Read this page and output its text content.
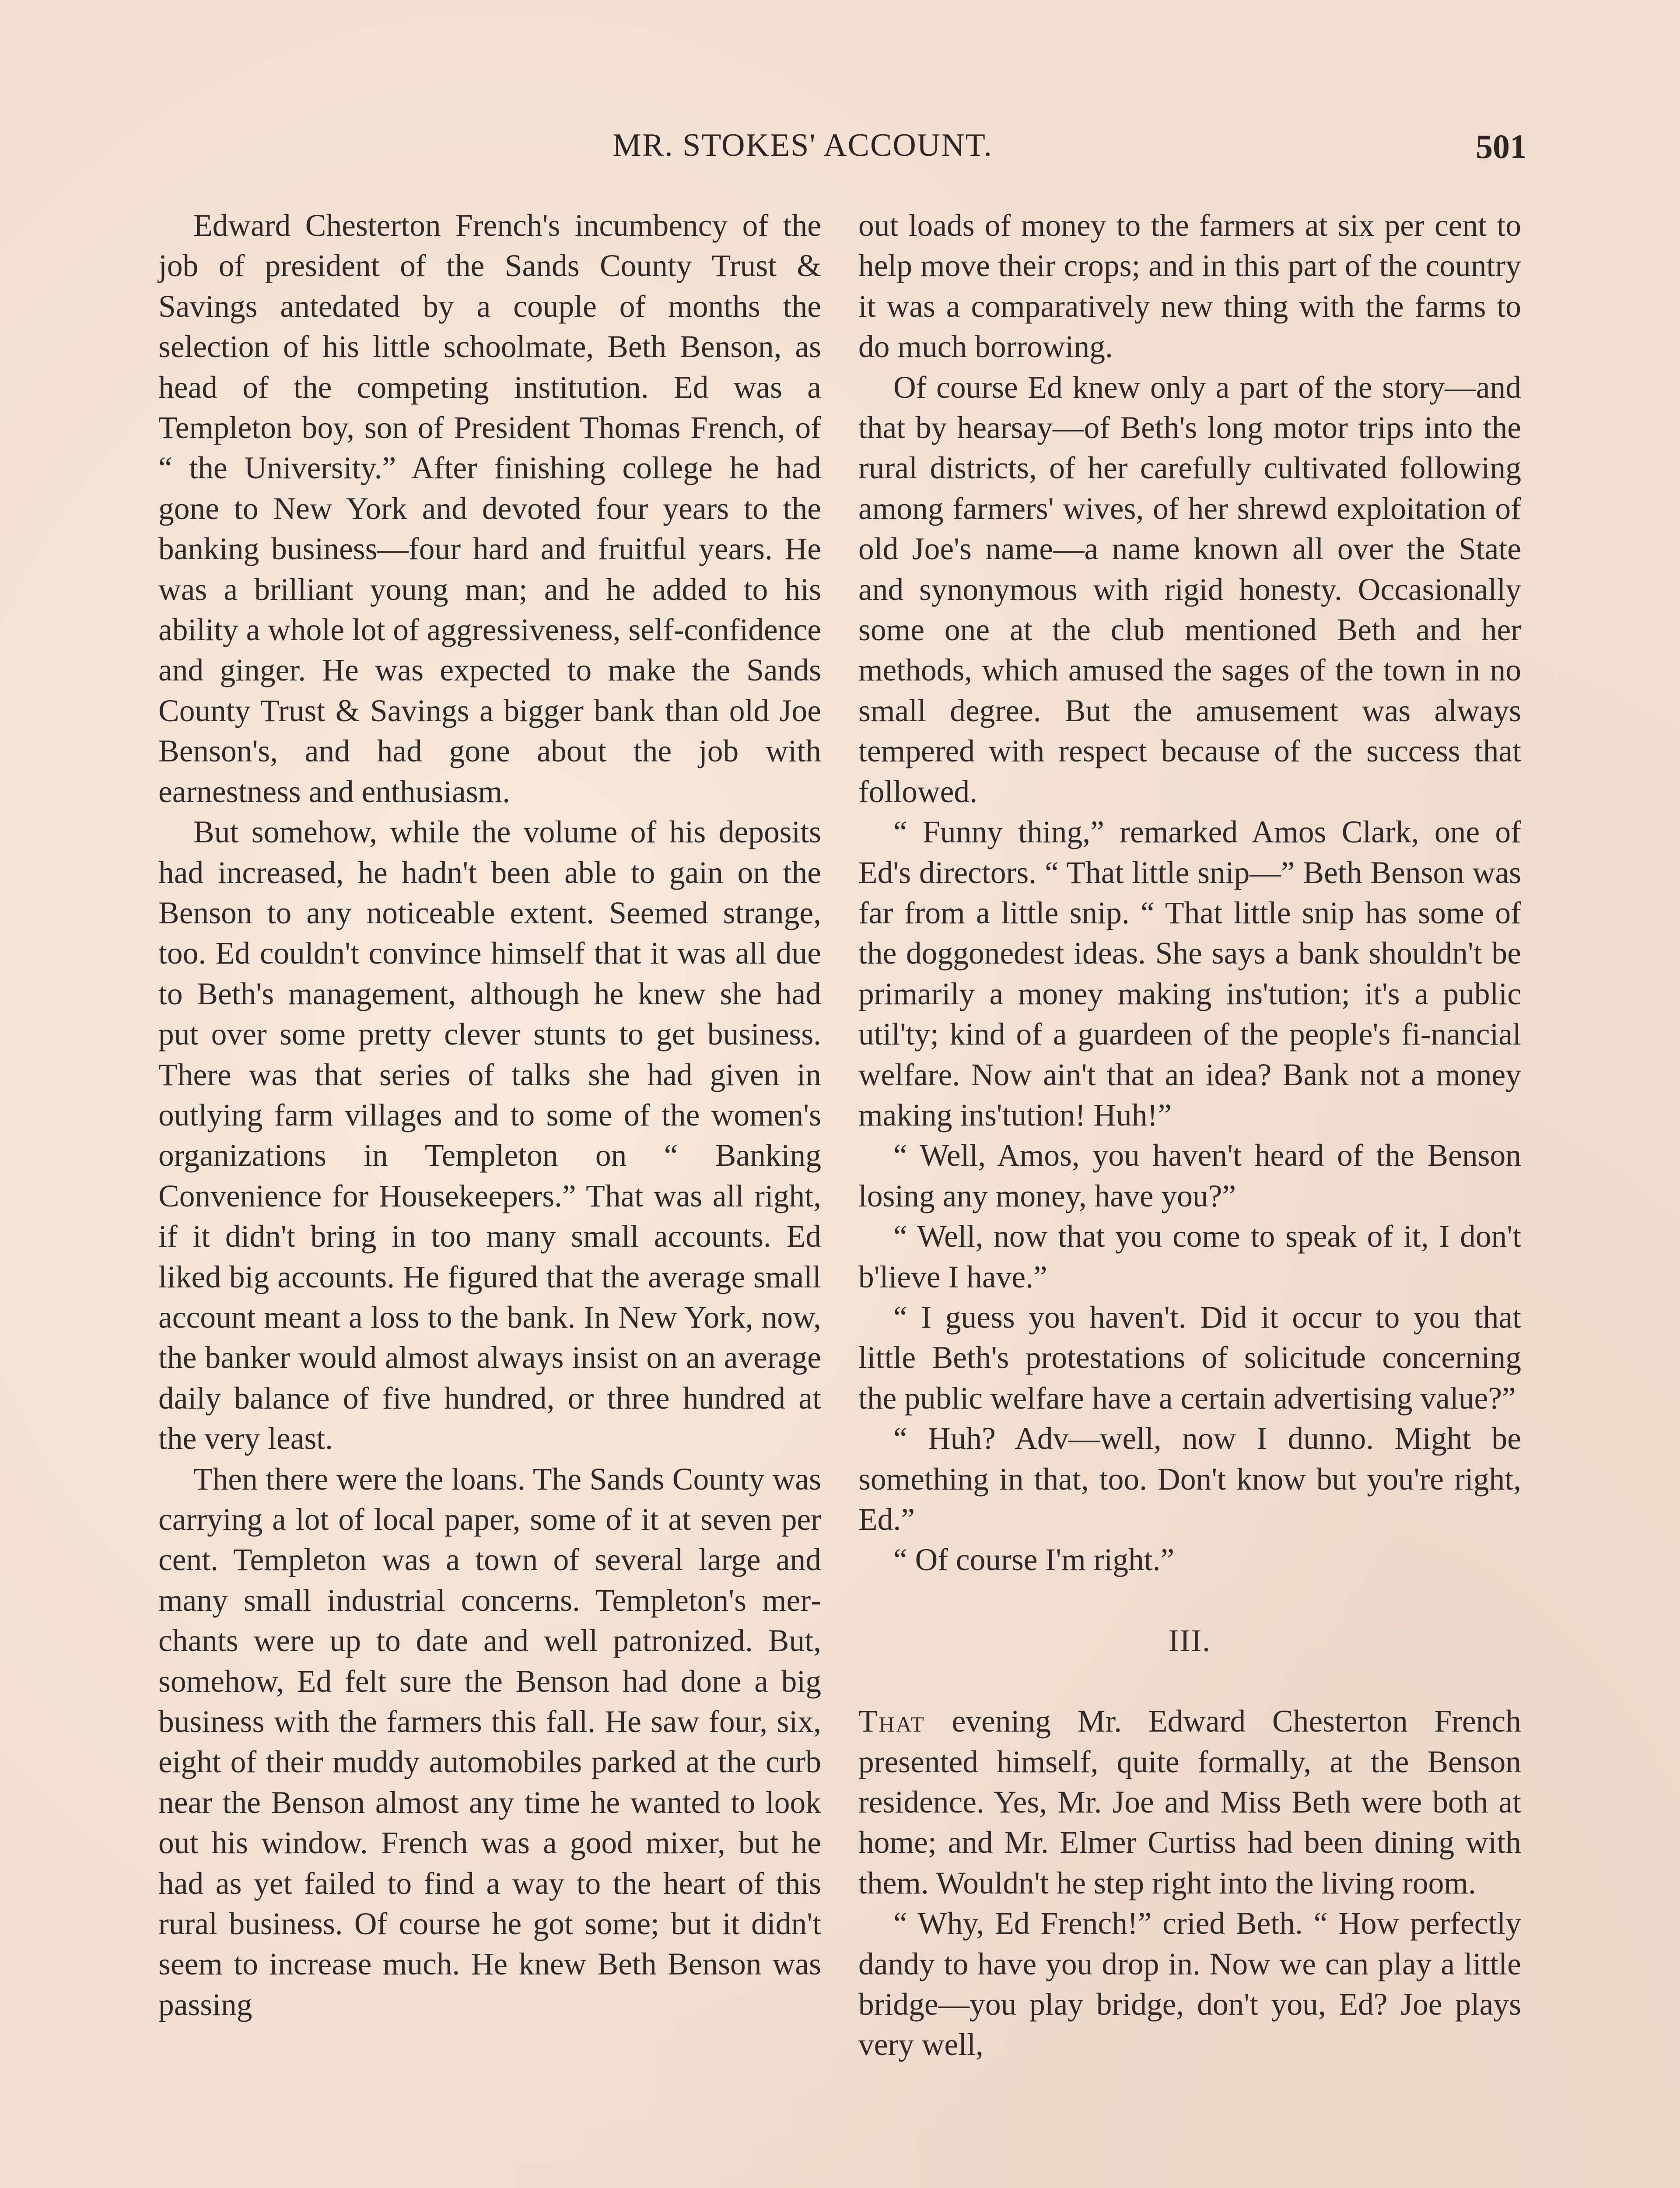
MR. STOKES' ACCOUNT.	501

Edward Chesterton French's incumbency of the job of president of the Sands County Trust & Savings antedated by a couple of months the selection of his little schoolmate, Beth Benson, as head of the competing institution. Ed was a Templeton boy, son of President Thomas French, of “ the University.” After finishing college he had gone to New York and devoted four years to the banking business—four hard and fruitful years. He was a brilliant young man; and he added to his ability a whole lot of aggressiveness, self-confidence and ginger. He was expected to make the Sands County Trust & Savings a bigger bank than old Joe Benson's, and had gone about the job with earnestness and enthusiasm.

But somehow, while the volume of his deposits had increased, he hadn't been able to gain on the Benson to any noticeable extent. Seemed strange, too. Ed couldn't convince himself that it was all due to Beth's management, although he knew she had put over some pretty clever stunts to get business. There was that series of talks she had given in outlying farm villages and to some of the women's organizations in Templeton on “ Banking Convenience for Housekeepers.” That was all right, if it didn't bring in too many small accounts. Ed liked big accounts. He figured that the average small account meant a loss to the bank. In New York, now, the banker would almost always insist on an average daily balance of five hundred, or three hundred at the very least.

Then there were the loans. The Sands County was carrying a lot of local paper, some of it at seven per cent. Templeton was a town of several large and many small industrial concerns. Templeton's merchants were up to date and well patronized. But, somehow, Ed felt sure the Benson had done a big business with the farmers this fall. He saw four, six, eight of their muddy automobiles parked at the curb near the Benson almost any time he wanted to look out his window. French was a good mixer, but he had as yet failed to find a way to the heart of this rural business. Of course he got some; but it didn't seem to increase much. He knew Beth Benson was passing

out loads of money to the farmers at six per cent to help move their crops; and in this part of the country it was a comparatively new thing with the farms to do much borrowing.

Of course Ed knew only a part of the story—and that by hearsay—of Beth's long motor trips into the rural districts, of her carefully cultivated following among farmers' wives, of her shrewd exploitation of old Joe's name—a name known all over the State and synonymous with rigid honesty. Occasionally some one at the club mentioned Beth and her methods, which amused the sages of the town in no small degree. But the amusement was always tempered with respect because of the success that followed.

“ Funny thing,” remarked Amos Clark, one of Ed's directors. “ That little snip—” Beth Benson was far from a little snip. “ That little snip has some of the doggonedest ideas. She says a bank shouldn't be primarily a money making ins'tution; it's a public util'ty; kind of a guardeen of the people's fi-nancial welfare. Now ain't that an idea? Bank not a money making ins'tution! Huh!”

“ Well, Amos, you haven't heard of the Benson losing any money, have you?”

“ Well, now that you come to speak of it, I don't b'lieve I have.”

“ I guess you haven't. Did it occur to you that little Beth's protestations of solicitude concerning the public welfare have a certain advertising value?”

“ Huh? Adv—well, now I dunno. Might be something in that, too. Don't know but you're right, Ed.”

“ Of course I'm right.”

III.

That evening Mr. Edward Chesterton French presented himself, quite formally, at the Benson residence. Yes, Mr. Joe and Miss Beth were both at home; and Mr. Elmer Curtiss had been dining with them. Wouldn't he step right into the living room.

“ Why, Ed French!” cried Beth. “ How perfectly dandy to have you drop in. Now we can play a little bridge—you play bridge, don't you, Ed? Joe plays very well,
